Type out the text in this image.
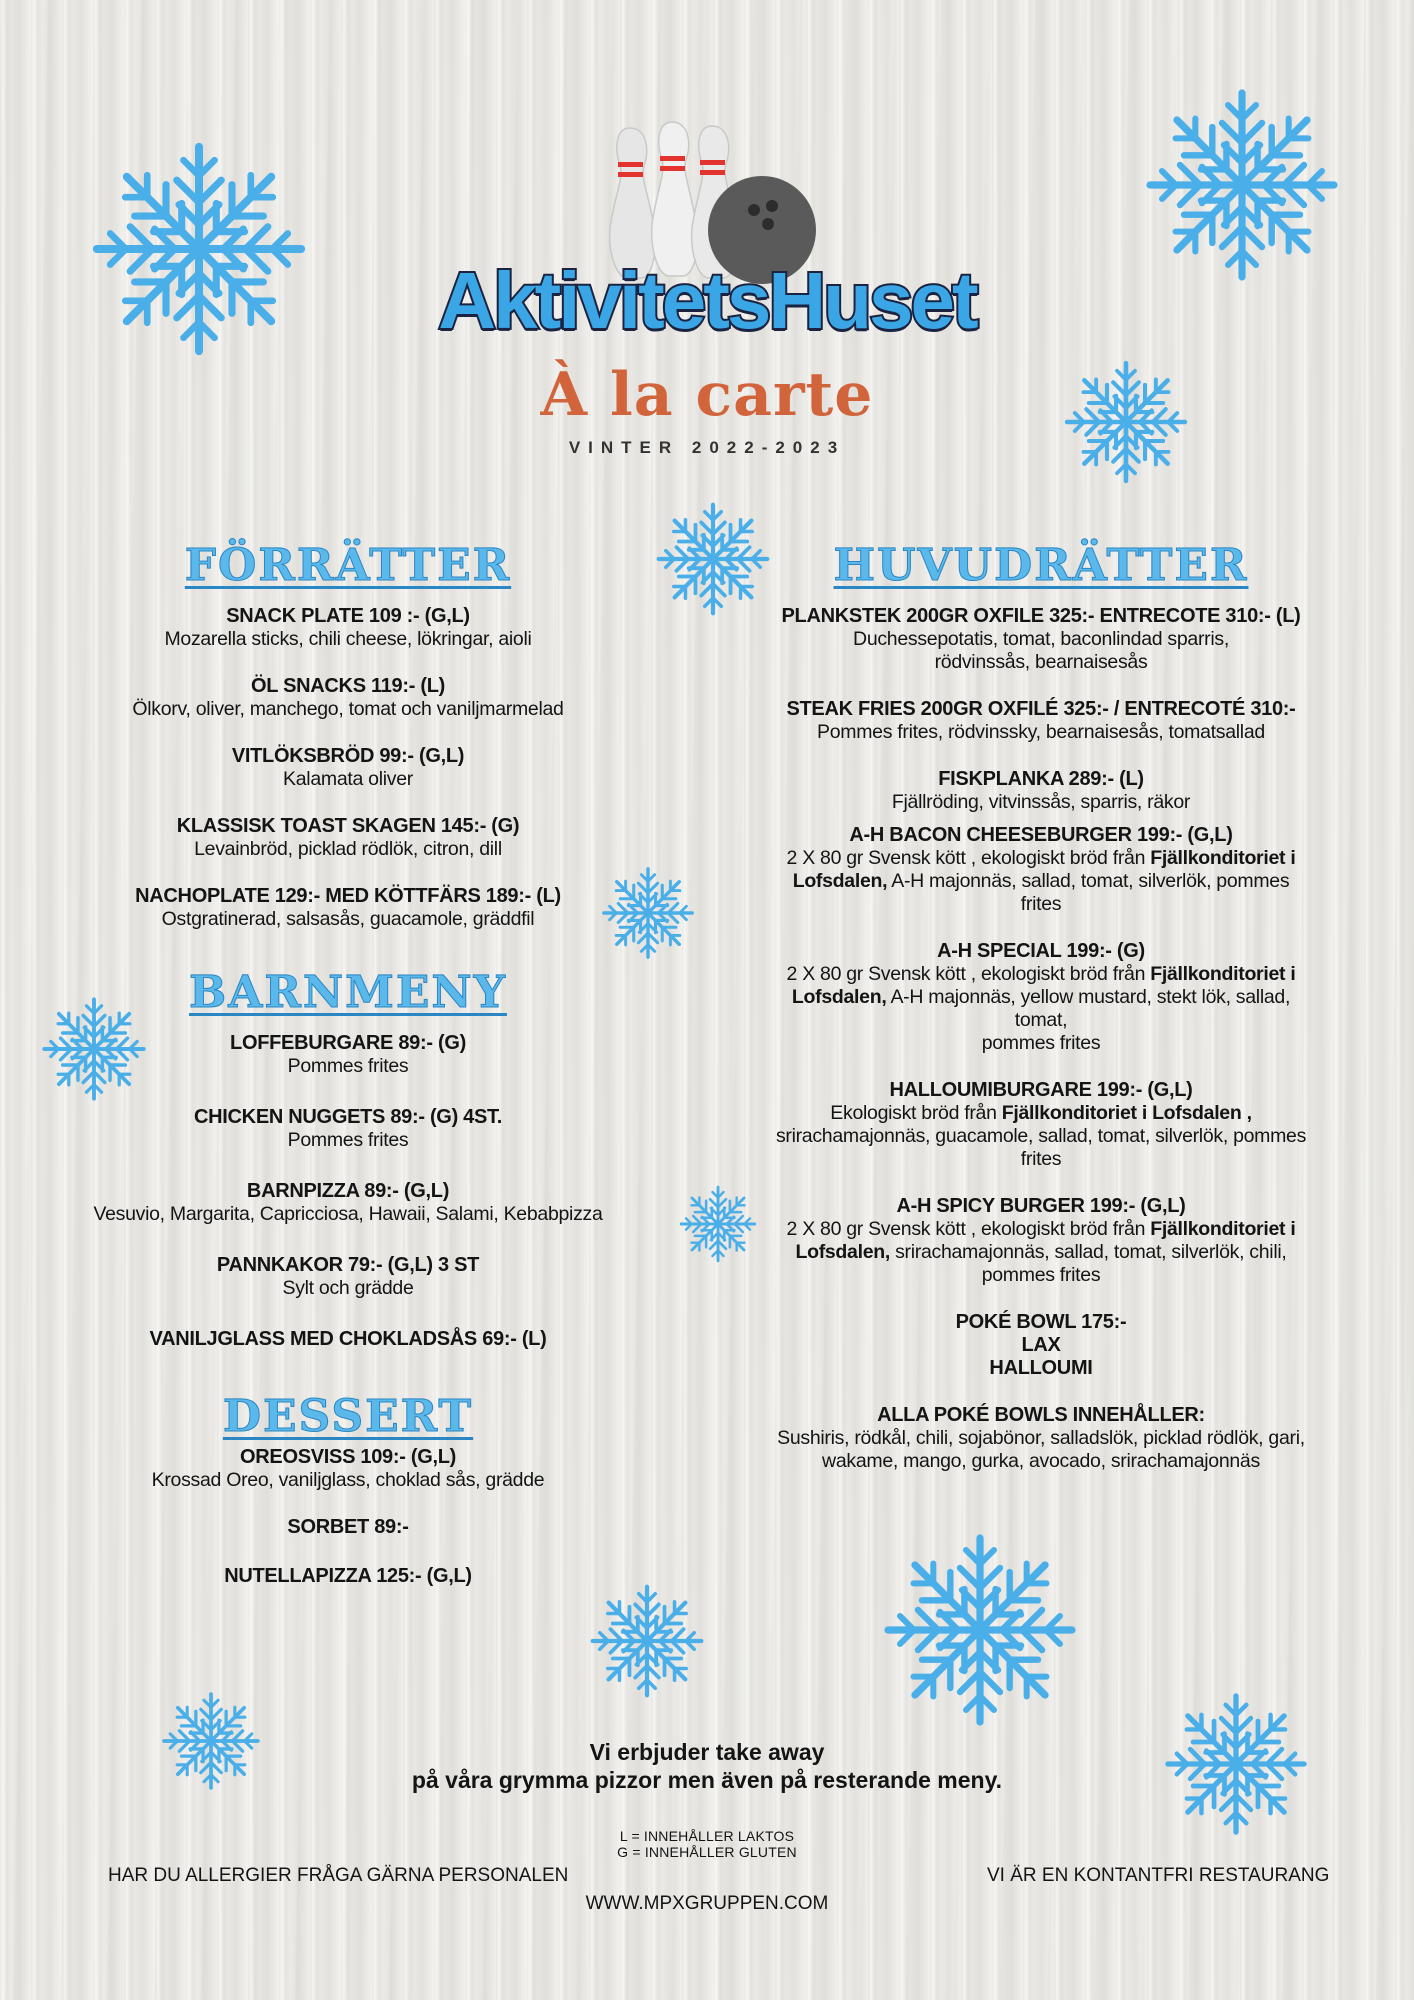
AktivitetsHuset
À la carte
VINTER 2022-2023
FÖRRÄTTER
SNACK PLATE 109 :- (G,L)
Mozarella sticks, chili cheese, lökringar, aioli
ÖL SNACKS 119:- (L)
Ölkorv, oliver, manchego, tomat och vaniljmarmelad
VITLÖKSBRÖD 99:- (G,L)
Kalamata oliver
KLASSISK TOAST SKAGEN 145:- (G)
Levainbröd, picklad rödlök, citron, dill
NACHOPLATE 129:- MED KÖTTFÄRS 189:- (L)
Ostgratinerad, salsasås, guacamole, gräddfil
BARNMENY
LOFFEBURGARE 89:- (G)
Pommes frites
CHICKEN NUGGETS 89:- (G) 4ST.
Pommes frites
BARNPIZZA 89:- (G,L)
Vesuvio, Margarita, Capricciosa, Hawaii, Salami, Kebabpizza
PANNKAKOR 79:- (G,L) 3 ST
Sylt och grädde
VANILJGLASS MED CHOKLADSÅS 69:- (L)
DESSERT
OREOSVISS 109:- (G,L)
Krossad Oreo, vaniljglass, choklad sås, grädde
SORBET 89:-
NUTELLAPIZZA 125:- (G,L)
HUVUDRÄTTER
PLANKSTEK 200GR OXFILE 325:- ENTRECOTE 310:- (L)
Duchessepotatis, tomat, baconlindad sparris,
rödvinssås, bearnaisesås
STEAK FRIES 200GR OXFILÉ 325:- / ENTRECOTÉ 310:-
Pommes frites, rödvinssky, bearnaisesås, tomatsallad
FISKPLANKA 289:- (L)
Fjällröding, vitvinssås, sparris, räkor
A-H BACON CHEESEBURGER 199:- (G,L)
2 X 80 gr Svensk kött , ekologiskt bröd från Fjällkonditoriet i
Lofsdalen, A-H majonnäs, sallad, tomat, silverlök, pommes
frites
A-H SPECIAL 199:- (G)
2 X 80 gr Svensk kött , ekologiskt bröd från Fjällkonditoriet i
Lofsdalen, A-H majonnäs, yellow mustard, stekt lök, sallad,
tomat,
pommes frites
HALLOUMIBURGARE 199:- (G,L)
Ekologiskt bröd från Fjällkonditoriet i Lofsdalen ,
srirachamajonnäs, guacamole, sallad, tomat, silverlök, pommes
frites
A-H SPICY BURGER 199:- (G,L)
2 X 80 gr Svensk kött , ekologiskt bröd från Fjällkonditoriet i
Lofsdalen, srirachamajonnäs, sallad, tomat, silverlök, chili,
pommes frites
POKÉ BOWL 175:-
LAX
HALLOUMI
ALLA POKÉ BOWLS INNEHÅLLER:
Sushiris, rödkål, chili, sojabönor, salladslök, picklad rödlök, gari,
wakame, mango, gurka, avocado, srirachamajonnäs
Vi erbjuder take away
på våra grymma pizzor men även på resterande meny.
L = INNEHÅLLER LAKTOS
G = INNEHÅLLER GLUTEN
HAR DU ALLERGIER FRÅGA GÄRNA PERSONALEN	VI ÄR EN KONTANTFRI RESTAURANG
WWW.MPXGRUPPEN.COM
